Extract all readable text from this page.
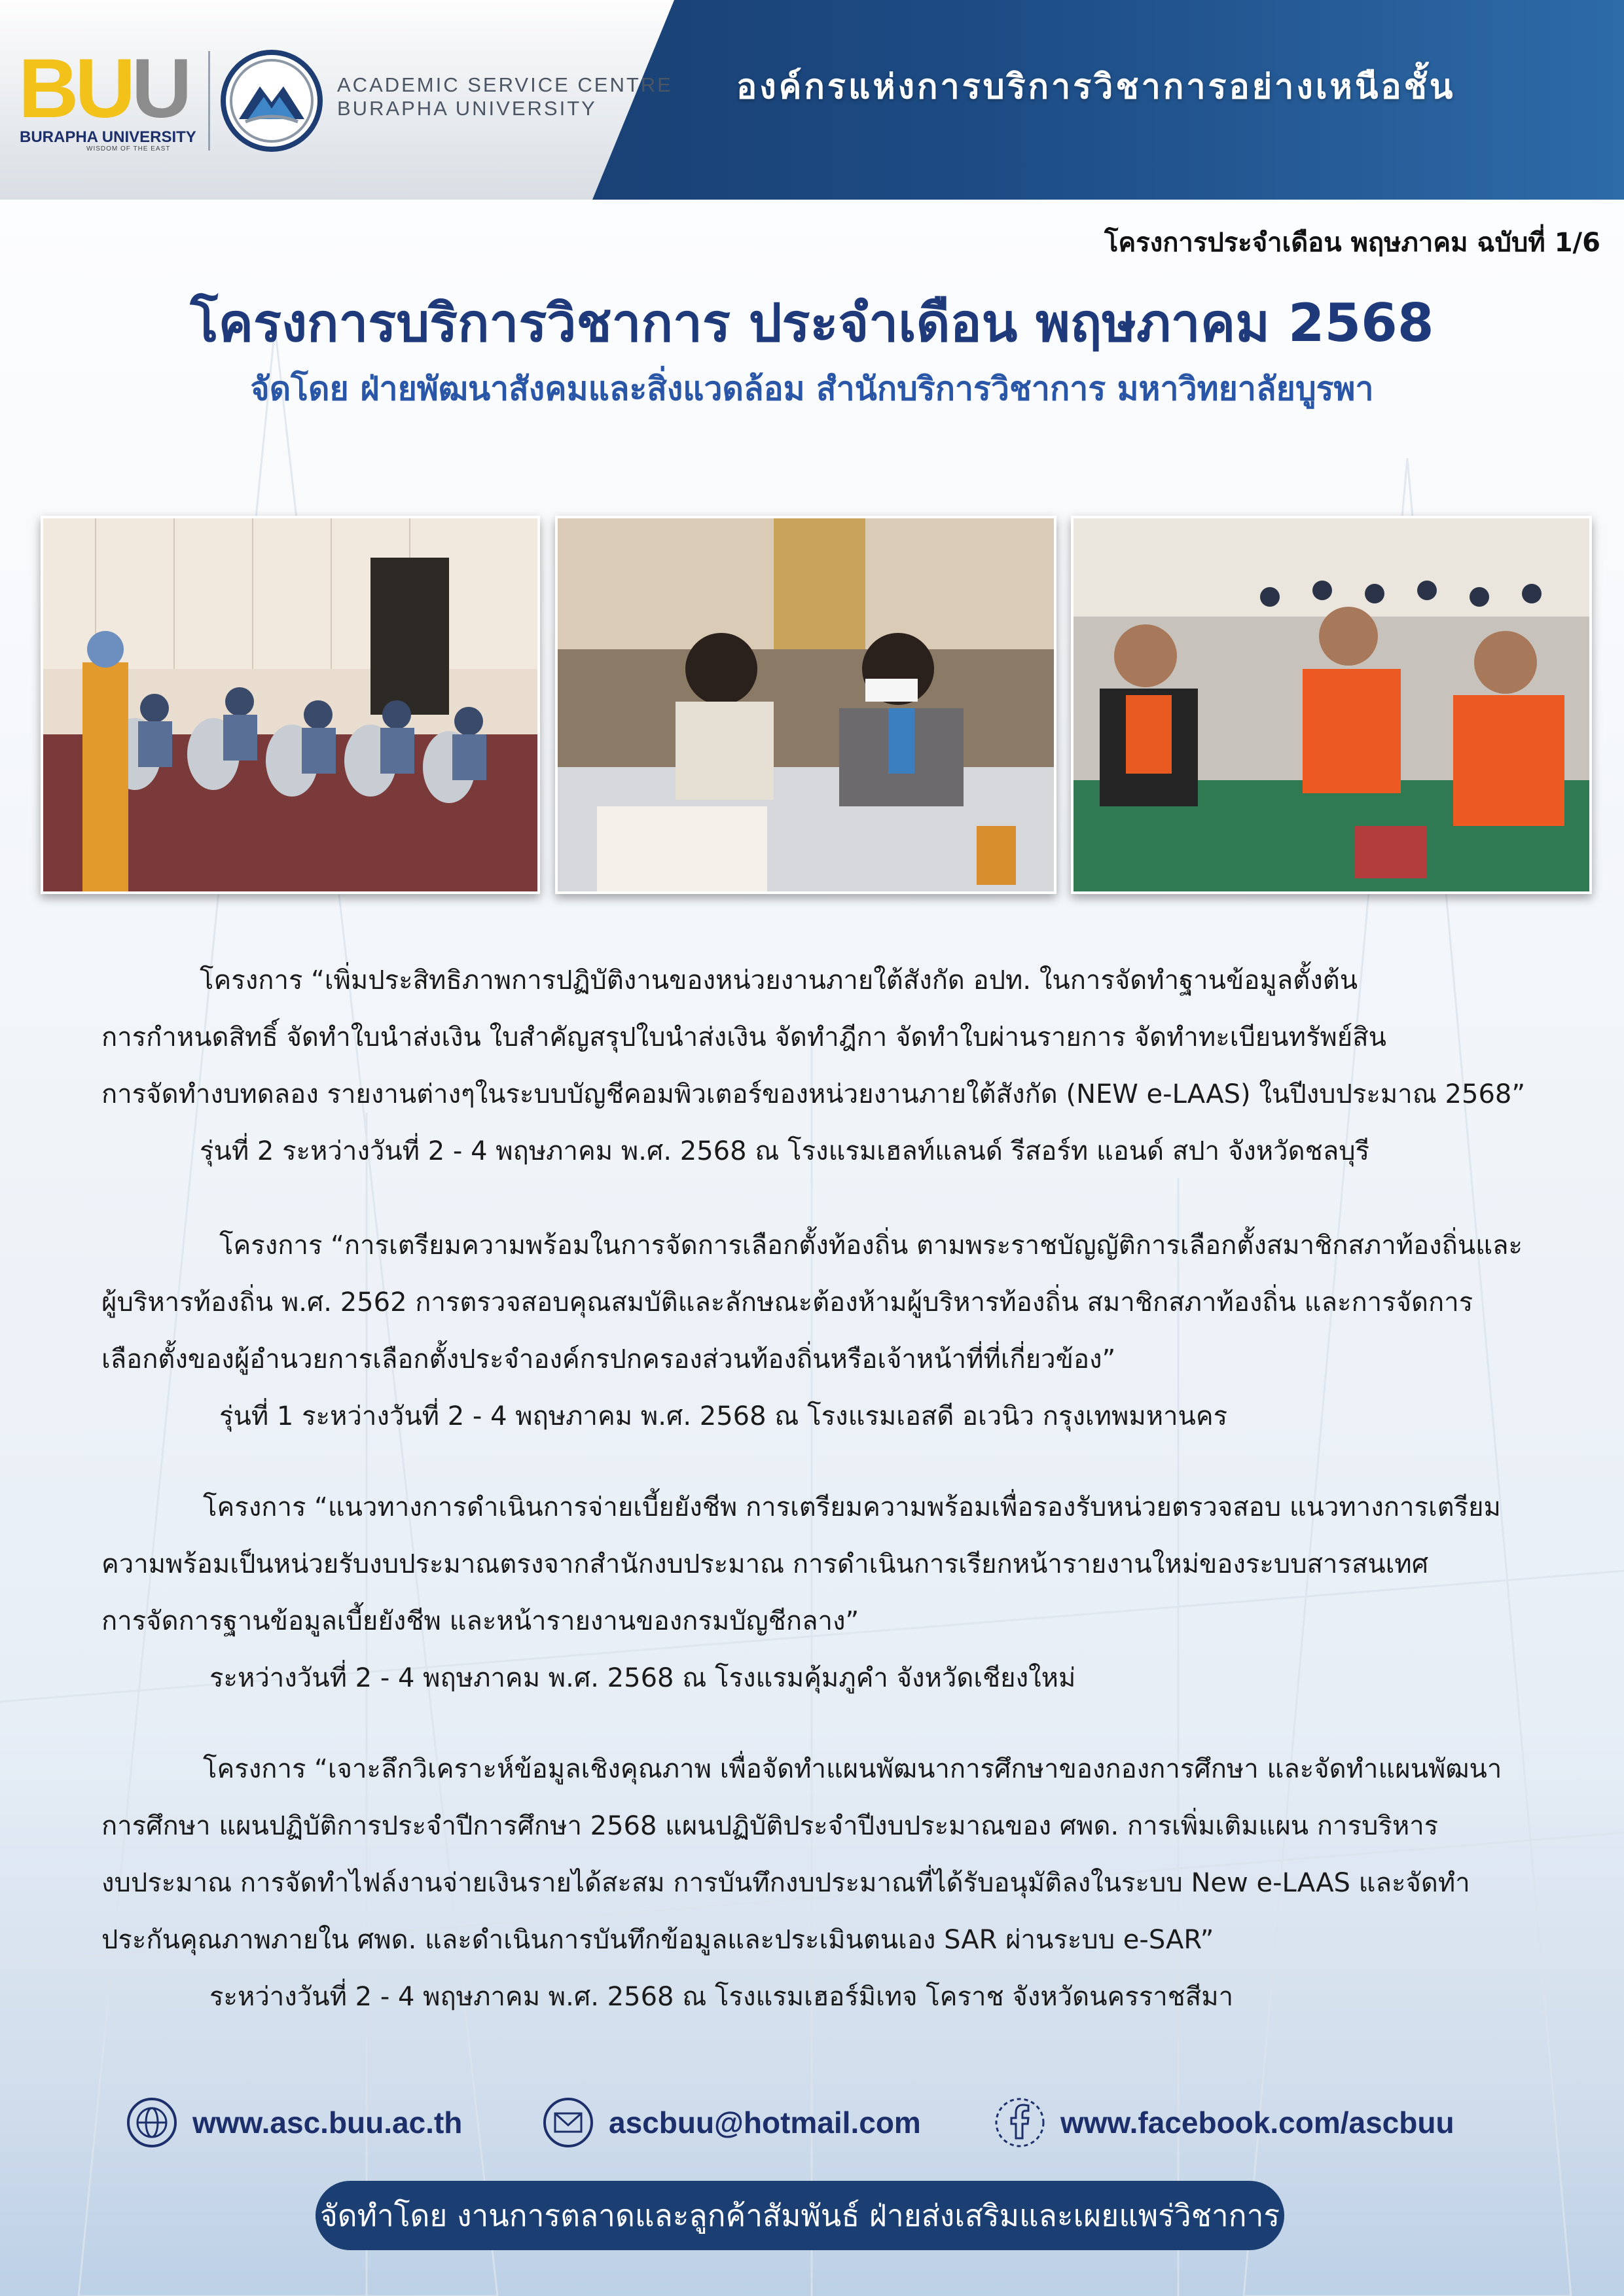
BUU
BURAPHA UNIVERSITY
WISDOM OF THE EAST
ACADEMIC SERVICE CENTRE
BURAPHA UNIVERSITY
องค์กรแห่งการบริการวิชาการอย่างเหนือชั้น
โครงการประจำเดือน พฤษภาคม ฉบับที่ 1/6
โครงการบริการวิชาการ ประจำเดือน พฤษภาคม 2568
จัดโดย ฝ่ายพัฒนาสังคมและสิ่งแวดล้อม สำนักบริการวิชาการ มหาวิทยาลัยบูรพา
โครงการ “เพิ่มประสิทธิภาพการปฏิบัติงานของหน่วยงานภายใต้สังกัด อปท. ในการจัดทำฐานข้อมูลตั้งต้น
การกำหนดสิทธิ์ จัดทำใบนำส่งเงิน ใบสำคัญสรุปใบนำส่งเงิน จัดทำฎีกา จัดทำใบผ่านรายการ จัดทำทะเบียนทรัพย์สิน
การจัดทำงบทดลอง รายงานต่างๆในระบบบัญชีคอมพิวเตอร์ของหน่วยงานภายใต้สังกัด (NEW e-LAAS) ในปีงบประมาณ 2568”
รุ่นที่ 2 ระหว่างวันที่ 2 - 4 พฤษภาคม พ.ศ. 2568 ณ โรงแรมเฮลท์แลนด์ รีสอร์ท แอนด์ สปา จังหวัดชลบุรี
โครงการ “การเตรียมความพร้อมในการจัดการเลือกตั้งท้องถิ่น ตามพระราชบัญญัติการเลือกตั้งสมาชิกสภาท้องถิ่นและ
ผู้บริหารท้องถิ่น พ.ศ. 2562 การตรวจสอบคุณสมบัติและลักษณะต้องห้ามผู้บริหารท้องถิ่น สมาชิกสภาท้องถิ่น และการจัดการ
เลือกตั้งของผู้อำนวยการเลือกตั้งประจำองค์กรปกครองส่วนท้องถิ่นหรือเจ้าหน้าที่ที่เกี่ยวข้อง”
รุ่นที่ 1 ระหว่างวันที่ 2 - 4 พฤษภาคม พ.ศ. 2568 ณ โรงแรมเอสดี อเวนิว กรุงเทพมหานคร
โครงการ “แนวทางการดำเนินการจ่ายเบี้ยยังชีพ การเตรียมความพร้อมเพื่อรองรับหน่วยตรวจสอบ แนวทางการเตรียม
ความพร้อมเป็นหน่วยรับงบประมาณตรงจากสำนักงบประมาณ การดำเนินการเรียกหน้ารายงานใหม่ของระบบสารสนเทศ
การจัดการฐานข้อมูลเบี้ยยังชีพ และหน้ารายงานของกรมบัญชีกลาง”
ระหว่างวันที่ 2 - 4 พฤษภาคม พ.ศ. 2568 ณ โรงแรมคุ้มภูคำ จังหวัดเชียงใหม่
โครงการ “เจาะลึกวิเคราะห์ข้อมูลเชิงคุณภาพ เพื่อจัดทำแผนพัฒนาการศึกษาของกองการศึกษา และจัดทำแผนพัฒนา
การศึกษา แผนปฏิบัติการประจำปีการศึกษา 2568 แผนปฏิบัติประจำปีงบประมาณของ ศพด. การเพิ่มเติมแผน การบริหาร
งบประมาณ การจัดทำไฟล์งานจ่ายเงินรายได้สะสม การบันทึกงบประมาณที่ได้รับอนุมัติลงในระบบ New e-LAAS และจัดทำ
ประกันคุณภาพภายใน ศพด. และดำเนินการบันทึกข้อมูลและประเมินตนเอง SAR ผ่านระบบ e-SAR”
ระหว่างวันที่ 2 - 4 พฤษภาคม พ.ศ. 2568 ณ โรงแรมเฮอร์มิเทจ โคราช จังหวัดนครราชสีมา
www.asc.buu.ac.th	ascbuu@hotmail.com	www.facebook.com/ascbuu
จัดทำโดย งานการตลาดและลูกค้าสัมพันธ์ ฝ่ายส่งเสริมและเผยแพร่วิชาการ
